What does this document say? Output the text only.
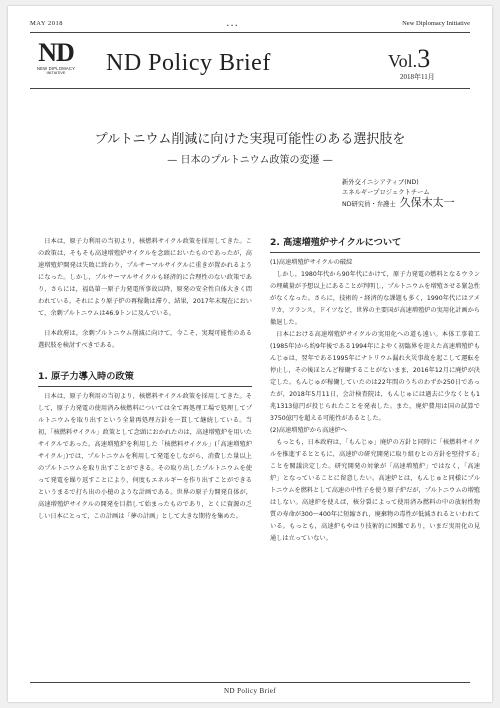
MAY 2018	...	New Diplomacy Initiative
ND
NEW DIPLOMACY
INITIATIVE	ND Policy Brief	Vol.3
2018年11月
プルトニウム削減に向けた実現可能性のある選択肢を
— 日本のプルトニウム政策の変遷 —
新外交イニシアティブ(ND)
エネルギープロジェクトチーム
ND研究員・弁護士 久保木太一

日本は，原子力利用の当初より，核燃料サイクル政策を採用してきた。この政策は，そもそも高速増殖炉サイクルを念頭においたものであったが，高速増殖炉開発は失敗に終わり，プルサーマルサイクルに重きが置かれるようになった。しかし，プルサーマルサイクルも経済的に合理性のない政策であり，さらには，福島第一原子力発電所事故以降，原発の安全性自体大きく問われている。それにより原子炉の再稼動は滞り，結果，2017年末現在において，余剰プルトニウムは46.9トンに及んでいる。

日本政府は，余剰プルトニウム削減に向けて，今こそ，実現可能性のある選択肢を検討すべきである。

1. 原子力導入時の政策

日本は，原子力利用の当初より，核燃料サイクル政策を採用してきた。そして，原子力発電の使用済み核燃料については全て再処理工場で処理してプルトニウムを取り出すという全量再処理方針を一貫して継続している。当初，「核燃料サイクル」政策として念頭におかれたのは，高速増殖炉を用いたサイクルであった。高速増殖炉を利用した「核燃料サイクル」(「高速増殖炉サイクル」)では，プルトニウムを利用して発電をしながら，消費した量以上のプルトニウムを取り出すことができる。その取り出したプルトニウムを使って発電を繰り返すことにより，何度もエネルギーを作り出すことができるというまるで打ち出の小槌のような計画である。世界の原子力開発自体が，高速増殖炉サイクルの開発を目指して始まったものであり，とくに資源の乏しい日本にとって，この計画は「夢の計画」として大きな期待を集めた。

2. 高速増殖炉サイクルについて

(1)高速増殖炉サイクルの破綻

しかし，1980年代から90年代にかけて，原子力発電の燃料となるウランの埋蔵量が予想以上にあることが判明し，プルトニウムを増殖させる緊急性がなくなった。さらに，技術的・経済的な課題も多く，1990年代にはアメリカ，フランス，ドイツなど，世界の主要国が高速増殖炉の実用化計画から撤退した。

日本における高速増殖炉サイクルの実用化への道も遠い。本体工事着工(1985年)から約9年後である1994年によやく初臨界を迎えた高速増殖炉もんじゅは，翌年である1995年にナトリウム漏れ火災事故を起こして運転を停止し，その後ほとんど稼働することがないまま，2016年12月に廃炉が決定した。もんじゅが稼働していたのは22年間のうちのわずか250日であったが，2018年5月11日，会計検査院は，もんじゅには過去に少なくとも1兆1313億円が投じられたことを発表した。また，廃炉費用は国の試算で3750億円を超える可能性があるとした。

(2)高速増殖炉から高速炉へ

もっとも，日本政府は，「もんじゅ」廃炉の方針と同時に「核燃料サイクルを推進するとともに，高速炉の研究開発に取り組むとの方針を堅持する」ことを閣議決定した。研究開発の対象が「高速増殖炉」ではなく，「高速炉」となっていることに留意したい。高速炉とは，もんじゅと同様にプルトニウムを燃料として高速の中性子を使う原子炉だが，プルトニウムの増殖はしない。高速炉を使えば，核分裂によって使用済み燃料の中の放射性物質の寿命が300〜400年に短縮され，廃棄物の毒性が低減されるといわれている。もっとも，高速炉もやはり技術的に困難であり，いまだ実用化の見通しは立っていない。

ND Policy Brief
